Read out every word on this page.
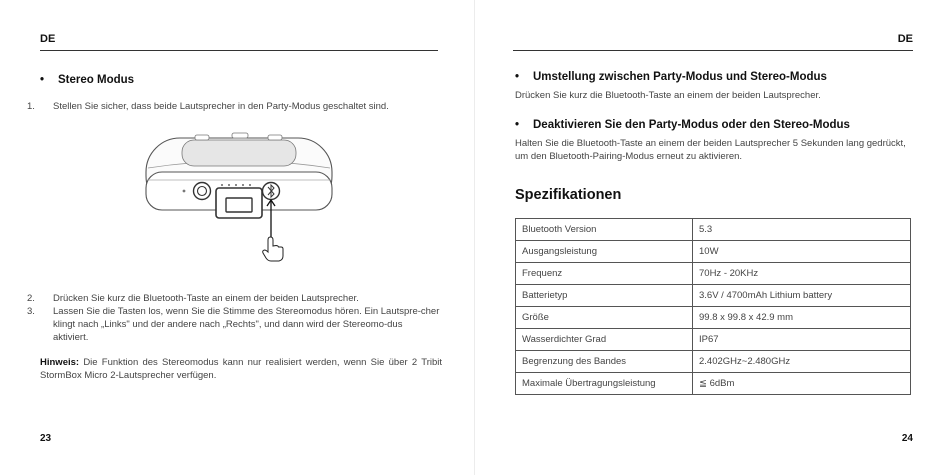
DE
• Stereo Modus
1. Stellen Sie sicher, dass beide Lautsprecher in den Party-Modus geschaltet sind.
2. Drücken Sie kurz die Bluetooth-Taste an einem der beiden Lautsprecher.
3. Lassen Sie die Tasten los, wenn Sie die Stimme des Stereomodus hören. Ein Lautspre-cher klingt nach „Links" und der andere nach „Rechts", und dann wird der Stereomo-dus aktiviert.
Hinweis: Die Funktion des Stereomodus kann nur realisiert werden, wenn Sie über 2 Tribit StormBox Micro 2-Lautsprecher verfügen.
23
DE
• Umstellung zwischen Party-Modus und Stereo-Modus
Drücken Sie kurz die Bluetooth-Taste an einem der beiden Lautsprecher.
• Deaktivieren Sie den Party-Modus oder den Stereo-Modus
Halten Sie die Bluetooth-Taste an einem der beiden Lautsprecher 5 Sekunden lang gedrückt, um den Bluetooth-Pairing-Modus erneut zu aktivieren.
Spezifikationen
Bluetooth Version	5.3
Ausgangsleistung	10W
Frequenz	70Hz - 20KHz
Batterietyp	3.6V / 4700mAh Lithium battery
Größe	99.8 x 99.8 x 42.9 mm
Wasserdichter Grad	IP67
Begrenzung des Bandes	2.402GHz~2.480GHz
Maximale Übertragungsleistung	≦ 6dBm
24
